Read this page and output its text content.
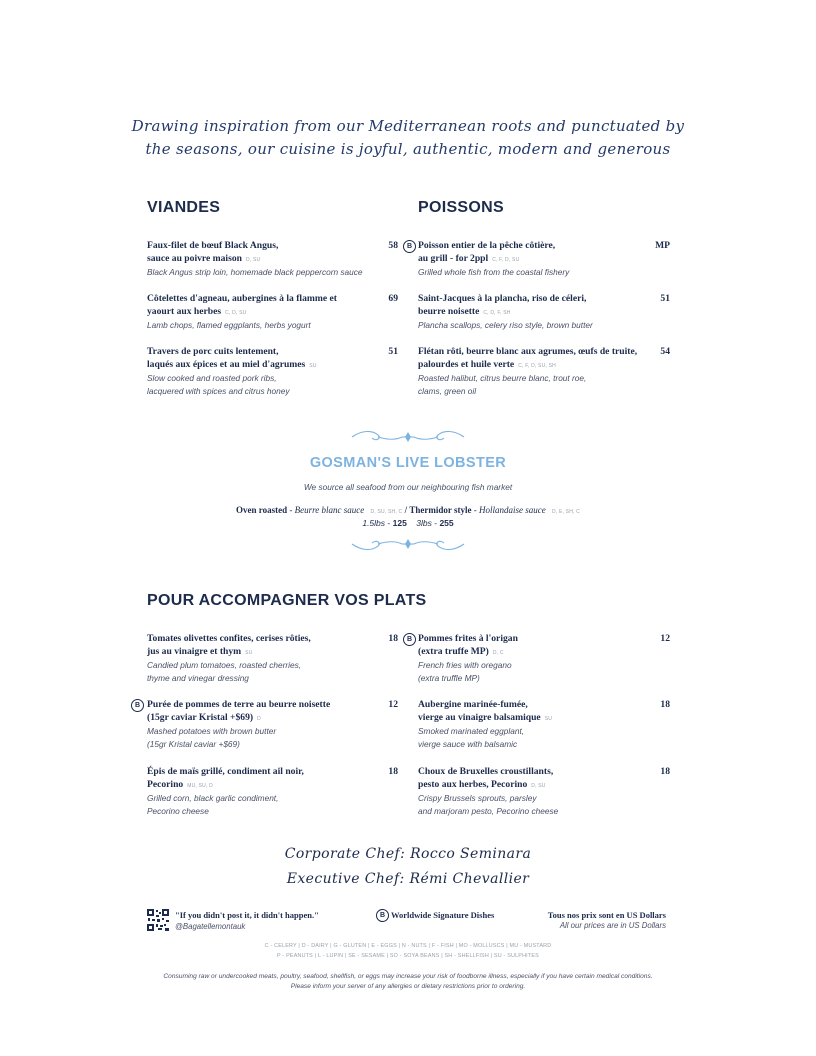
Drawing inspiration from our Mediterranean roots and punctuated by
the seasons, our cuisine is joyful, authentic, modern and generous
VIANDES
Faux-filet de bœuf Black Angus,
sauce au poivre maison D, SU
Black Angus strip loin, homemade black peppercorn sauce
58
Côtelettes d'agneau, aubergines à la flamme et
yaourt aux herbes C, D, SU
Lamb chops, flamed eggplants, herbs yogurt
69
Travers de porc cuits lentement,
laqués aux épices et au miel d'agrumes SU
Slow cooked and roasted pork ribs,
lacquered with spices and citrus honey
51
POISSONS
B Poisson entier de la pêche côtière,
au grill - for 2ppl C, F, D, SU
Grilled whole fish from the coastal fishery
MP
Saint-Jacques à la plancha, riso de céleri,
beurre noisette C, D, F, SH
Plancha scallops, celery riso style, brown butter
51
Flétan rôti, beurre blanc aux agrumes, œufs de truite,
palourdes et huile verte C, F, D, SU, SH
Roasted halibut, citrus beurre blanc, trout roe,
clams, green oil
54
GOSMAN'S LIVE LOBSTER
We source all seafood from our neighbouring fish market
Oven roasted - Beurre blanc sauce D, SU, SH, C / Thermidor style - Hollandaise sauce D, E, SH, C
1.5lbs - 125 3lbs - 255
POUR ACCOMPAGNER VOS PLATS
Tomates olivettes confites, cerises rôties,
jus au vinaigre et thym SU
Candied plum tomatoes, roasted cherries,
thyme and vinegar dressing
18
B Purée de pommes de terre au beurre noisette
(15gr caviar Kristal +$69) D
Mashed potatoes with brown butter
(15gr Kristal caviar +$69)
12
Épis de maïs grillé, condiment ail noir,
Pecorino MU, SU, D
Grilled corn, black garlic condiment,
Pecorino cheese
18
B Pommes frites à l'origan
(extra truffe MP) D, C
French fries with oregano
(extra truffle MP)
12
Aubergine marinée-fumée,
vierge au vinaigre balsamique SU
Smoked marinated eggplant,
vierge sauce with balsamic
18
Choux de Bruxelles croustillants,
pesto aux herbes, Pecorino D, SU
Crispy Brussels sprouts, parsley
and marjoram pesto, Pecorino cheese
18
Corporate Chef: Rocco Seminara
Executive Chef: Rémi Chevallier
"If you didn't post it, it didn't happen."
@Bagatellemontauk
B Worldwide Signature Dishes	Tous nos prix sont en US Dollars
All our prices are in US Dollars
C - CELERY | D - DAIRY | G - GLUTEN | E - EGGS | N - NUTS | F - FISH | MO - MOLLUSCS | MU - MUSTARD
P - PEANUTS | L - LUPIN | SE - SESAME | SO - SOYA BEANS | SH - SHELLFISH | SU - SULPHITES
Consuming raw or undercooked meats, poultry, seafood, shellfish, or eggs may increase your risk of foodborne illness, especially if you have certain medical conditions.
Please inform your server of any allergies or dietary restrictions prior to ordering.
